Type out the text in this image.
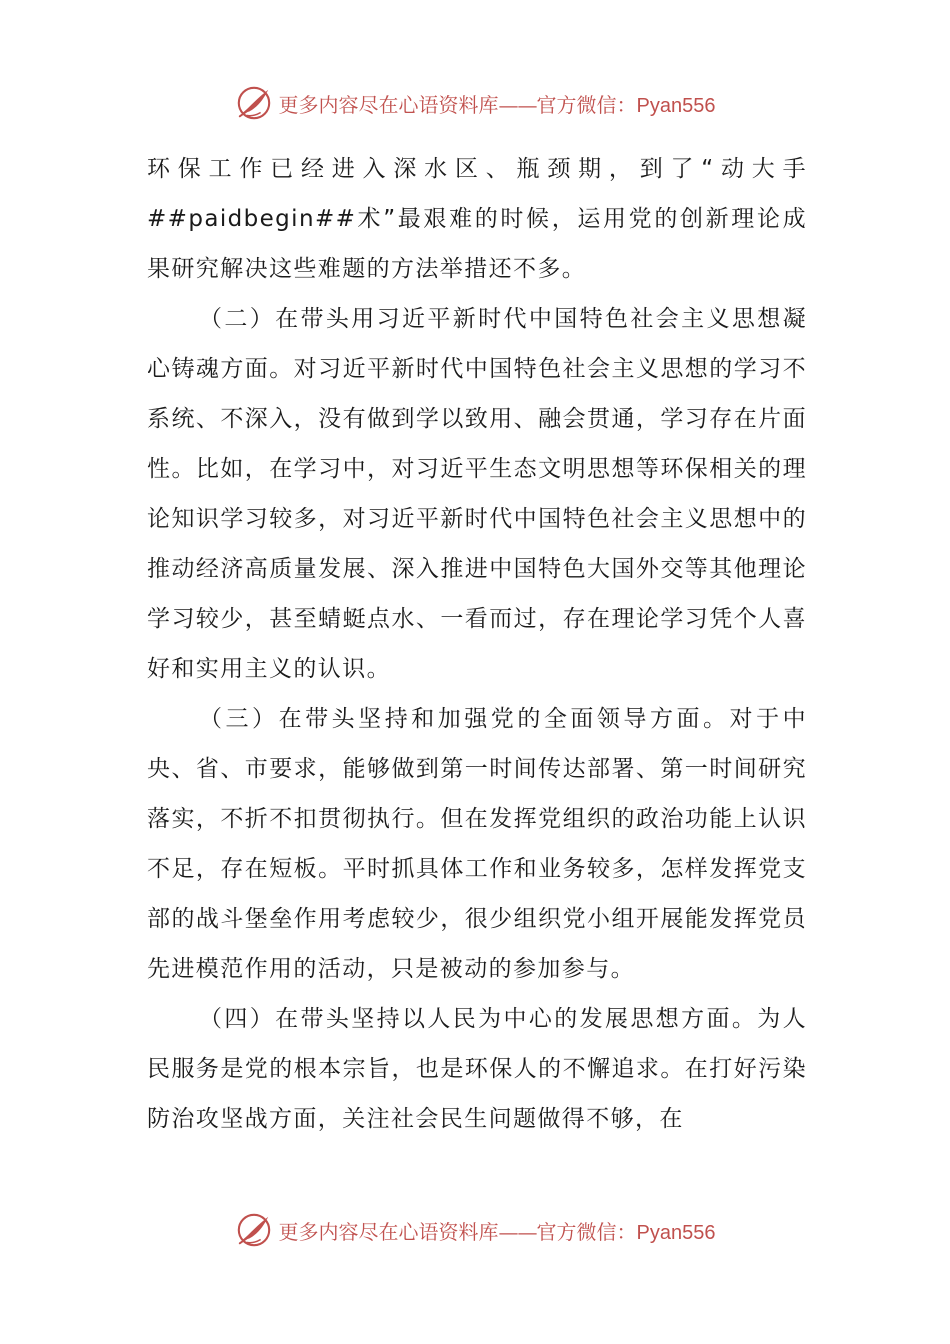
更多内容尽在心语资料库——官方微信：Pyan556

环保工作已经进入深水区、瓶颈期，到了“动大手##paidbegin##术”最艰难的时候，运用党的创新理论成果研究解决这些难题的方法举措还不多。

（二）在带头用习近平新时代中国特色社会主义思想凝心铸魂方面。对习近平新时代中国特色社会主义思想的学习不系统、不深入，没有做到学以致用、融会贯通，学习存在片面性。比如，在学习中，对习近平生态文明思想等环保相关的理论知识学习较多，对习近平新时代中国特色社会主义思想中的推动经济高质量发展、深入推进中国特色大国外交等其他理论学习较少，甚至蜻蜓点水、一看而过，存在理论学习凭个人喜好和实用主义的认识。

（三）在带头坚持和加强党的全面领导方面。对于中央、省、市要求，能够做到第一时间传达部署、第一时间研究落实，不折不扣贯彻执行。但在发挥党组织的政治功能上认识不足，存在短板。平时抓具体工作和业务较多，怎样发挥党支部的战斗堡垒作用考虑较少，很少组织党小组开展能发挥党员先进模范作用的活动，只是被动的参加参与。

（四）在带头坚持以人民为中心的发展思想方面。为人民服务是党的根本宗旨，也是环保人的不懈追求。在打好污染防治攻坚战方面，关注社会民生问题做得不够，在

更多内容尽在心语资料库——官方微信：Pyan556
